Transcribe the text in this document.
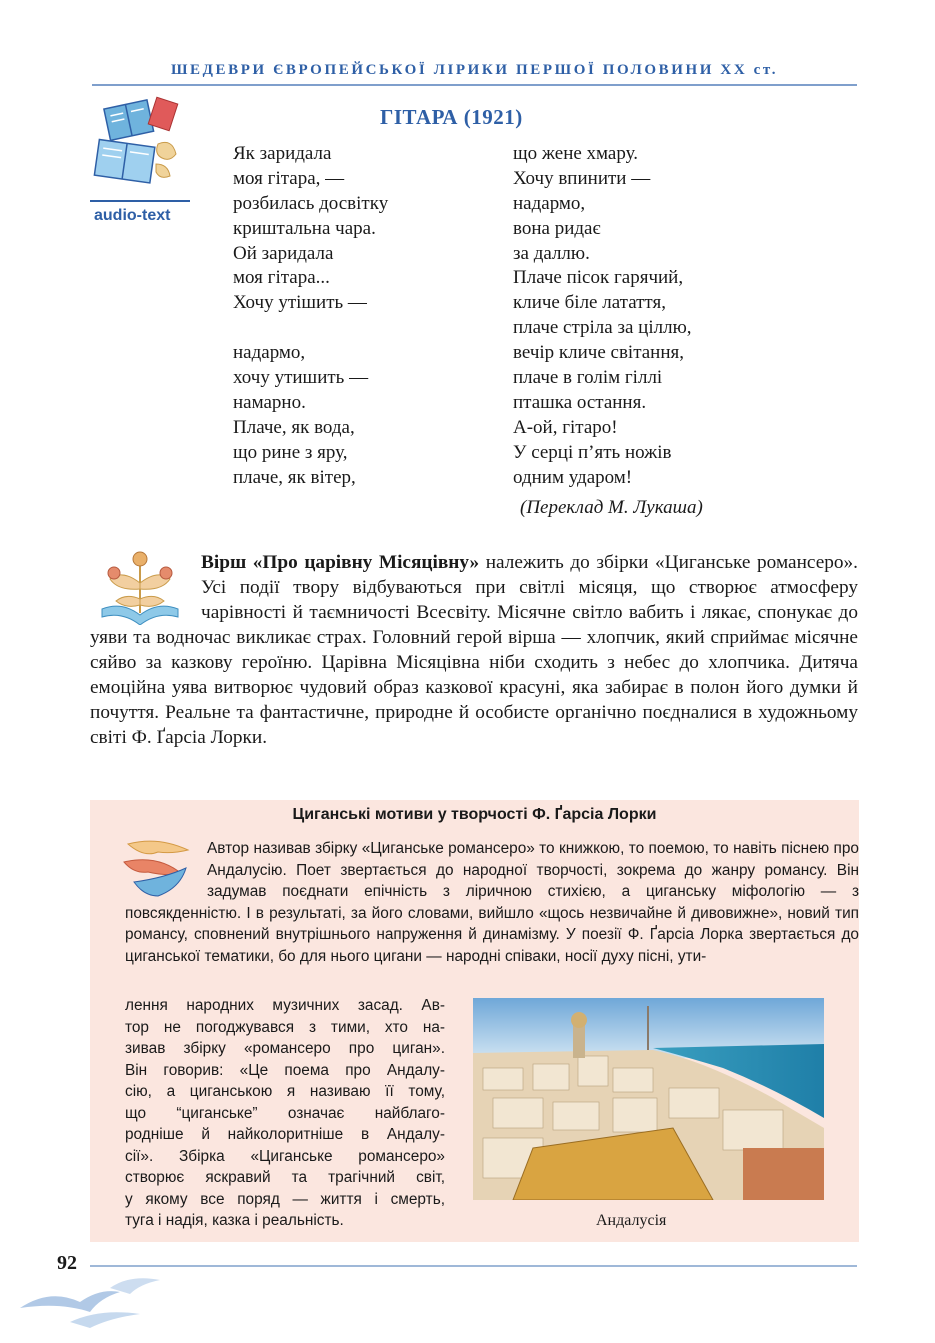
ШЕДЕВРИ ЄВРОПЕЙСЬКОЇ ЛІРИКИ ПЕРШОЇ ПОЛОВИНИ XX ст.
audio-text
ГІТАРА (1921)
Як заридала
моя гітара, —
розбилась досвітку
криштальна чара.
Ой заридала
моя гітара...
Хочу утішить —
надармо,
хочу утишить —
намарно.
Плаче, як вода,
що рине з яру,
плаче, як вітер,
що жене хмару.
Хочу впинити —
надармо,
вона ридає
за даллю.
Плаче пісок гарячий,
кличе біле латаття,
плаче стріла за ціллю,
вечір кличе світання,
плаче в голім гіллі
пташка остання.
А-ой, гітаро!
У серці п’ять ножів
одним ударом!
(Переклад М. Лукаша)
Вірш «Про царівну Місяцівну» належить до збірки «Циганське романсеро». Усі події твору відбуваються при світлі місяця, що створює атмосферу чарівності й таємничості Всесвіту. Місячне світло вабить і лякає, спонукає до уяви та водночас викликає страх. Головний герой вірша — хлопчик, який сприймає місячне сяйво за казкову героїню. Царівна Місяцівна ніби сходить з небес до хлопчика. Дитяча емоційна уява витворює чудовий образ казкової красуні, яка забирає в полон його думки й почуття. Реальне та фантастичне, природне й особисте органічно поєдналися в художньому світі Ф. Ґарсіа Лорки.
Циганські мотиви у творчості Ф. Ґарсіа Лорки
Автор називав збірку «Циганське романсеро» то книжкою, то поемою, то навіть піснею про Андалусію. Поет звертається до народної творчості, зокрема до жанру романсу. Він задумав поєднати епічність з ліричною стихією, а циганську міфологію — з повсякденністю. І в результаті, за його словами, вийшло «щось незвичайне й дивовижне», новий тип романсу, сповнений внутрішнього напруження й динамізму. У поезії Ф. Ґарсіа Лорка звертається до циганської тематики, бо для нього цигани — народні співаки, носії духу пісні, ути-
лення народних музичних засад. Ав-
тор не погоджувався з тими, хто на-
зивав збірку «романсеро про циган».
Він говорив: «Це поема про Андалу-
сію, а циганською я називаю її тому,
що “циганське” означає найблаго-
родніше й найколоритніше в Андалу-
сії». Збірка «Циганське романсеро»
створює яскравий та трагічний світ,
у якому все поряд — життя і смерть,
туга і надія, казка і реальність.	Андалусія
92
